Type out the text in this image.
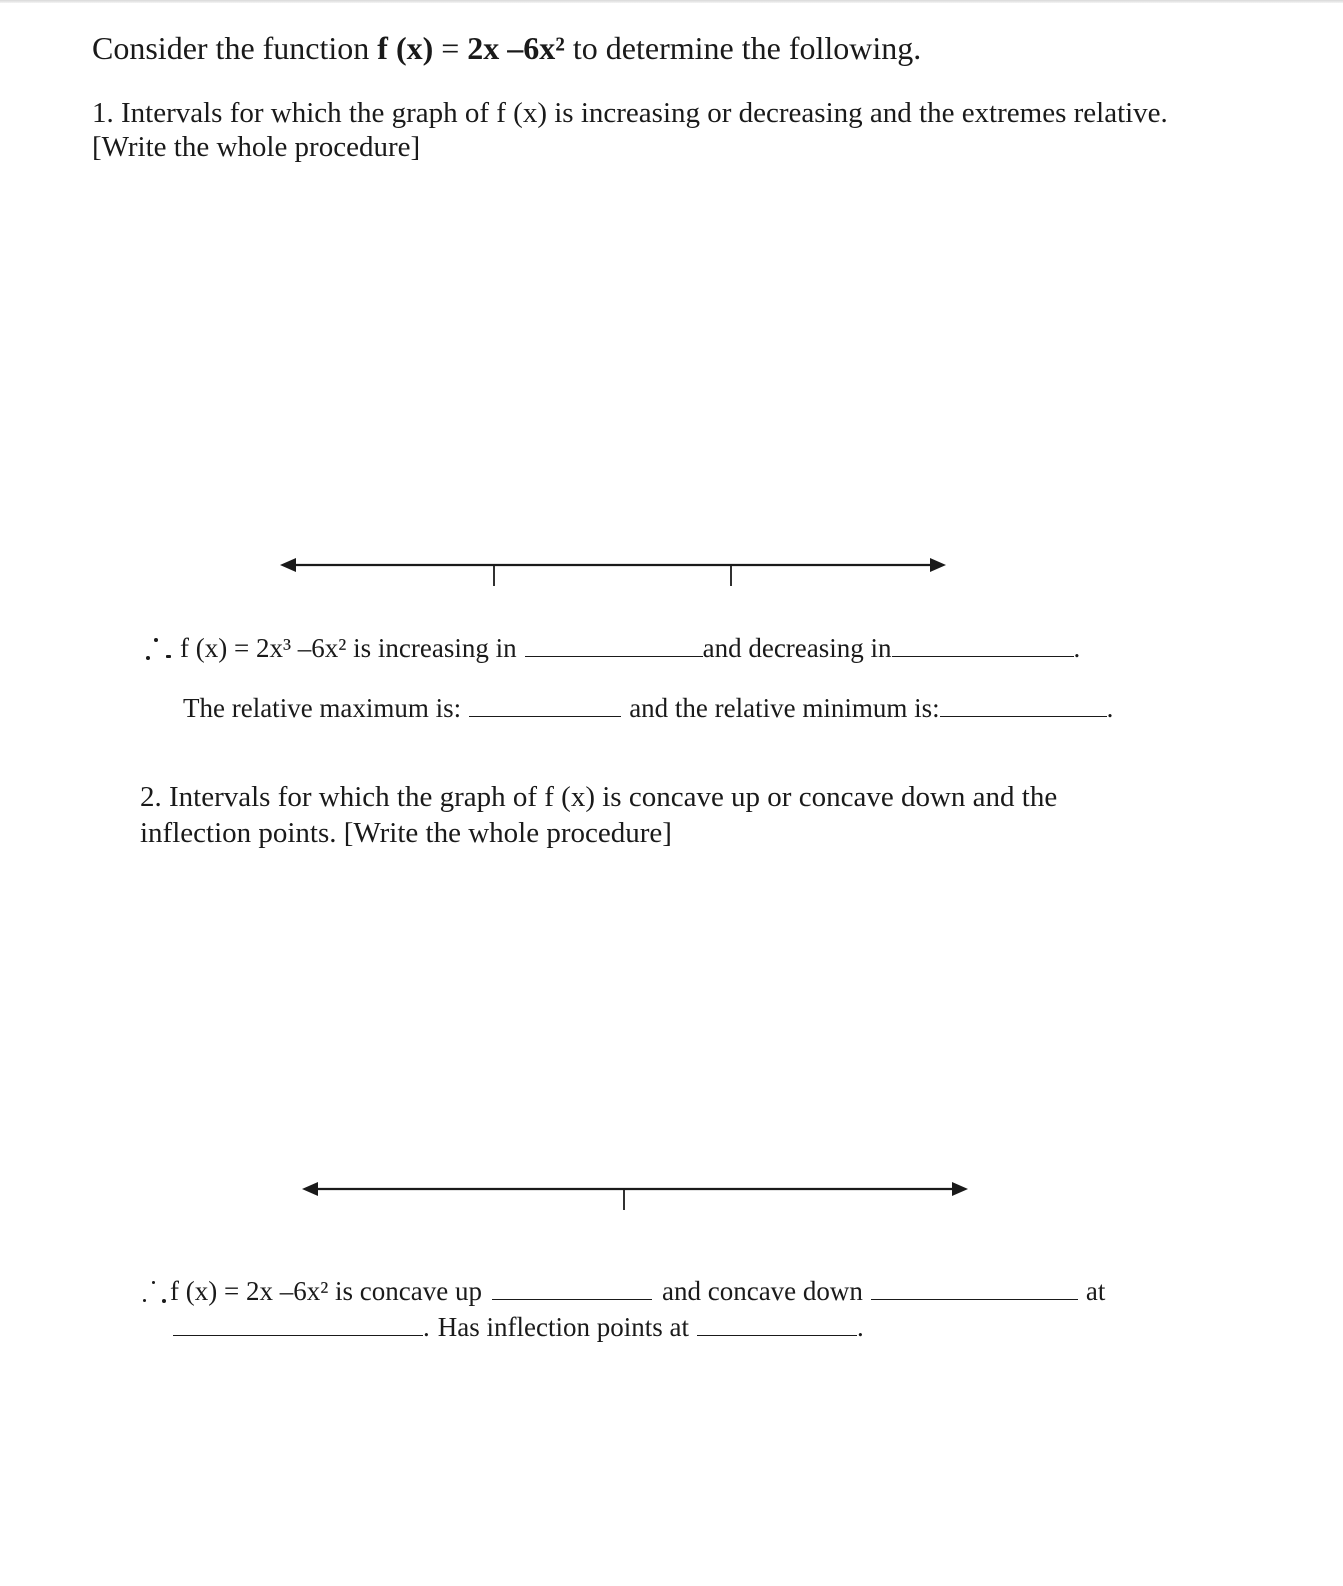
Consider the function f (x) = 2x –6x² to determine the following.
1. Intervals for which the graph of f (x) is increasing or decreasing and the extremes relative.
[Write the whole procedure]
f (x) = 2x³ –6x² is increasing in	and decreasing in	.
The relative maximum is:	and the relative minimum is:	.
2. Intervals for which the graph of f (x) is concave up or concave down and the
inflection points. [Write the whole procedure]
f (x) = 2x –6x² is concave up	and concave down	at
. Has inflection points at	.
